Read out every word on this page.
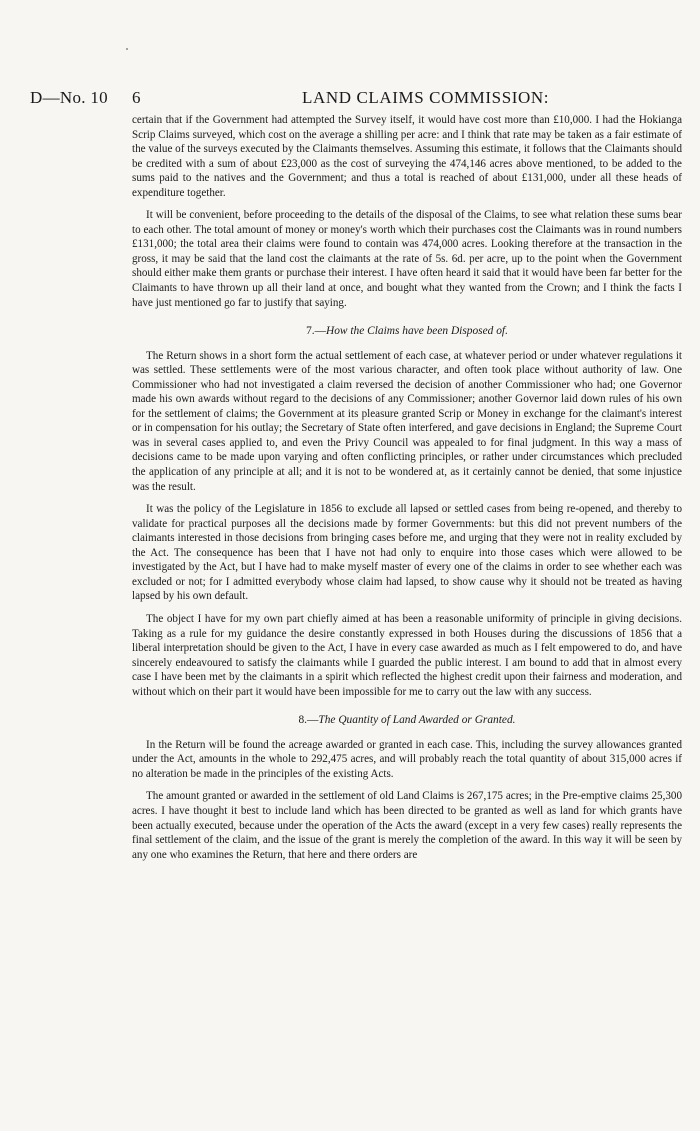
D—No. 10 6	LAND CLAIMS COMMISSION:

certain that if the Government had attempted the Survey itself, it would have cost more than £10,000. I had the Hokianga Scrip Claims surveyed, which cost on the average a shilling per acre: and I think that rate may be taken as a fair estimate of the value of the surveys executed by the Claimants themselves. Assuming this estimate, it follows that the Claimants should be credited with a sum of about £23,000 as the cost of surveying the 474,146 acres above mentioned, to be added to the sums paid to the natives and the Government; and thus a total is reached of about £131,000, under all these heads of expenditure together.

It will be convenient, before proceeding to the details of the disposal of the Claims, to see what relation these sums bear to each other. The total amount of money or money's worth which their purchases cost the Claimants was in round numbers £131,000; the total area their claims were found to contain was 474,000 acres. Looking therefore at the transaction in the gross, it may be said that the land cost the claimants at the rate of 5s. 6d. per acre, up to the point when the Government should either make them grants or purchase their interest. I have often heard it said that it would have been far better for the Claimants to have thrown up all their land at once, and bought what they wanted from the Crown; and I think the facts I have just mentioned go far to justify that saying.

7.—How the Claims have been Disposed of.

The Return shows in a short form the actual settlement of each case, at whatever period or under whatever regulations it was settled. These settlements were of the most various character, and often took place without authority of law. One Commissioner who had not investigated a claim reversed the decision of another Commissioner who had; one Governor made his own awards without regard to the decisions of any Commissioner; another Governor laid down rules of his own for the settlement of claims; the Government at its pleasure granted Scrip or Money in exchange for the claimant's interest or in compensation for his outlay; the Secretary of State often interfered, and gave decisions in England; the Supreme Court was in several cases applied to, and even the Privy Council was appealed to for final judgment. In this way a mass of decisions came to be made upon varying and often conflicting principles, or rather under circumstances which precluded the application of any principle at all; and it is not to be wondered at, as it certainly cannot be denied, that some injustice was the result.

It was the policy of the Legislature in 1856 to exclude all lapsed or settled cases from being re-opened, and thereby to validate for practical purposes all the decisions made by former Governments: but this did not prevent numbers of the claimants interested in those decisions from bringing cases before me, and urging that they were not in reality excluded by the Act. The consequence has been that I have not had only to enquire into those cases which were allowed to be investigated by the Act, but I have had to make myself master of every one of the claims in order to see whether each was excluded or not; for I admitted everybody whose claim had lapsed, to show cause why it should not be treated as having lapsed by his own default.

The object I have for my own part chiefly aimed at has been a reasonable uniformity of principle in giving decisions. Taking as a rule for my guidance the desire constantly expressed in both Houses during the discussions of 1856 that a liberal interpretation should be given to the Act, I have in every case awarded as much as I felt empowered to do, and have sincerely endeavoured to satisfy the claimants while I guarded the public interest. I am bound to add that in almost every case I have been met by the claimants in a spirit which reflected the highest credit upon their fairness and moderation, and without which on their part it would have been impossible for me to carry out the law with any success.

8.—The Quantity of Land Awarded or Granted.

In the Return will be found the acreage awarded or granted in each case. This, including the survey allowances granted under the Act, amounts in the whole to 292,475 acres, and will probably reach the total quantity of about 315,000 acres if no alteration be made in the principles of the existing Acts.

The amount granted or awarded in the settlement of old Land Claims is 267,175 acres; in the Pre-emptive claims 25,300 acres. I have thought it best to include land which has been directed to be granted as well as land for which grants have been actually executed, because under the operation of the Acts the award (except in a very few cases) really represents the final settlement of the claim, and the issue of the grant is merely the completion of the award. In this way it will be seen by any one who examines the Return, that here and there orders are
